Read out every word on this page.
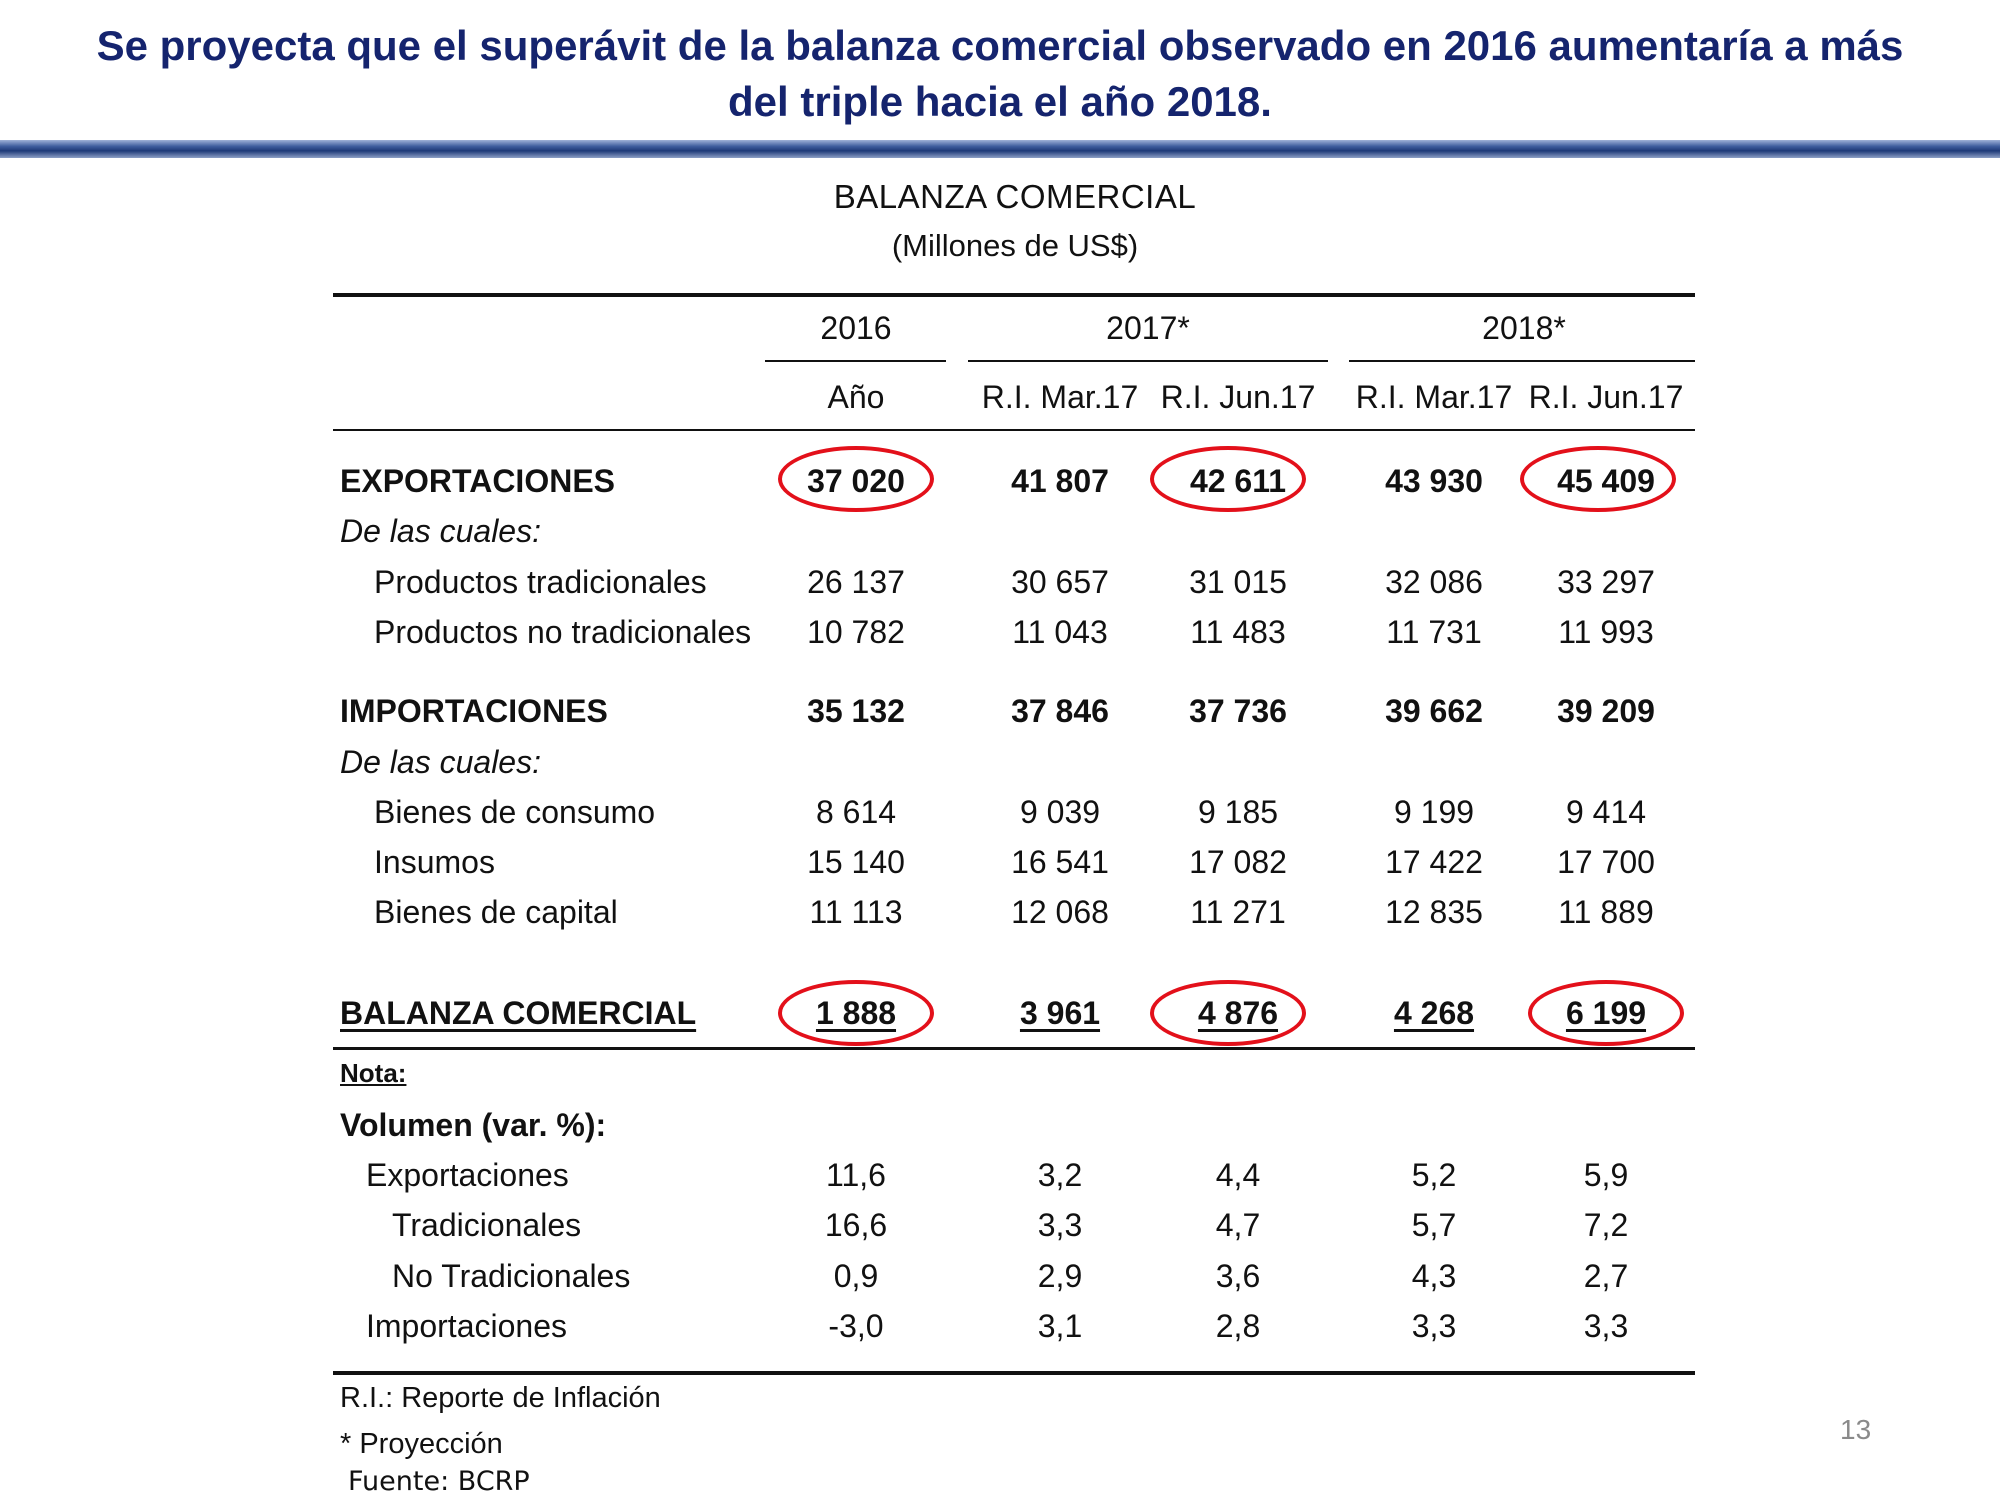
Se proyecta que el superávit de la balanza comercial observado en 2016 aumentaría a más
del triple hacia el año 2018.
BALANZA COMERCIAL
(Millones de US$)
2016	2017*	2018*
Año	R.I. Mar.17 R.I. Jun.17	R.I. Mar.17 R.I. Jun.17
EXPORTACIONES	37 020	41 807	42 611	43 930	45 409
De las cuales:
Productos tradicionales	26 137	30 657	31 015	32 086	33 297
Productos no tradicionales	10 782	11 043	11 483	11 731	11 993
IMPORTACIONES	35 132	37 846	37 736	39 662	39 209
De las cuales:
Bienes de consumo	8 614	9 039	9 185	9 199	9 414
Insumos	15 140	16 541	17 082	17 422	17 700
Bienes de capital	11 113	12 068	11 271	12 835	11 889
BALANZA COMERCIAL	1 888	3 961	4 876	4 268	6 199
Nota:
Volumen (var. %):
Exportaciones	11,6	3,2	4,4	5,2	5,9
Tradicionales	16,6	3,3	4,7	5,7	7,2
No Tradicionales	0,9	2,9	3,6	4,3	2,7
Importaciones	-3,0	3,1	2,8	3,3	3,3
R.I.: Reporte de Inflación
* Proyección
Fuente: BCRP
13
